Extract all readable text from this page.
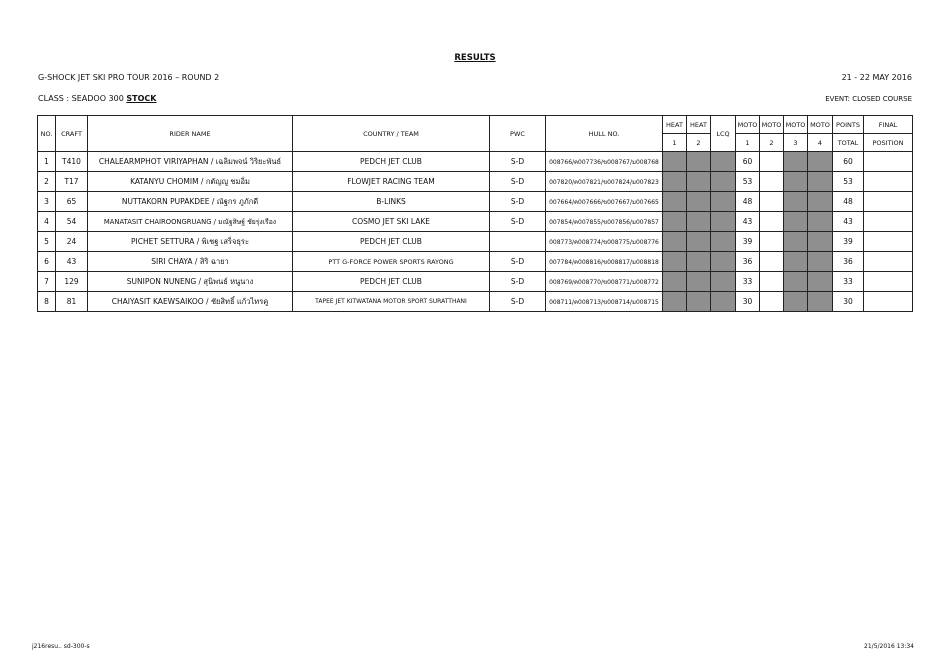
RESULTS
G-SHOCK JET SKI PRO TOUR 2016 – ROUND 2	21 - 22 MAY 2016
CLASS : SEADOO 300 STOCK	EVENT: CLOSED COURSE
NO.	CRAFT	RIDER NAME	COUNTRY / TEAM	PWC	HULL NO.	HEAT	HEAT	LCQ	MOTO	MOTO	MOTO	MOTO	POINTS	FINAL
						1	2		1	2	3	4	TOTAL	POSITION
1	T410	CHALEARMPHOT VIRIYAPHAN / เฉลิมพจน์ วิริยะพันธ์	PEDCH JET CLUB	S-D	008766/ค007736/ข008767/ม008768				60				60	
2	T17	KATANYU CHOMIM / กตัญญู ชมอิ่ม	FLOWJET RACING TEAM	S-D	007820/ค007821/ข007824/ม007823				53				53	
3	65	NUTTAKORN PUPAKDEE / ณัฐกร ภูภักดี	B-LINKS	S-D	007664/ค007666/ข007667/ม007665				48				48	
4	54	MANATASIT CHAIROONGRUANG / มณัฐสิษฐ์ ชัยรุ่งเรือง	COSMO JET SKI LAKE	S-D	007854/ค007855/ข007856/ม007857				43				43	
5	24	PICHET SETTURA / พิเชฐ เสร็จธุระ	PEDCH JET CLUB		008773/ค008774/ข008775/ม008776				39				39	
6	43	SIRI CHAYA / สิริ ฉายา	PTT G-FORCE POWER SPORTS RAYONG	S-D	007784/ค008816/ข008817/ม008818				36				36	
7	129	SUNIPON NUNENG / สุนิพนธ์ หนูนาง	PEDCH JET CLUB	S-D	008769/ค008770/ข008771/ม008772				33				33	
8	81	CHAIYASIT KAEWSAIKOO / ชัยสิทธิ์ แก้วไทรคู	TAPEE JET KITWATANA MOTOR SPORT SURATTHANI	S-D	008711/ค008713/ข008714/ม008715				30				30	
j216resu.. sd-300-s	21/5/2016 13:34
